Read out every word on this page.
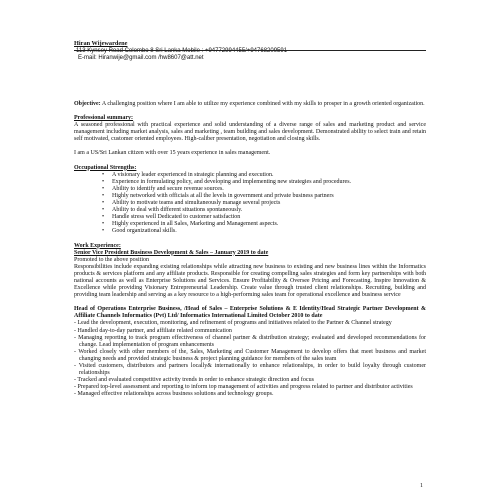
Hiran Wijewardene
113 Kynsey Road Colombo 8 Sri Lanka Mobile : +94772994455/+94768209591
E-mail: Hiranwije@gmail.com /hw8607@att.net
Objective: A challenging position where I am able to utilize my experience combined with my skills to prosper in a growth oriented organization.
Professional summary:
A seasoned professional with practical experience and solid understanding of a diverse range of sales and marketing product and service management including market analysis, sales and marketing , team building and sales development. Demonstrated ability to select train and retain self motivated, customer oriented employees. High-caliber presentation, negotiation and closing skills.
I am a US/Sri Lankan citizen with over 15 years experience in sales management.
Occupational Strengths:
• A visionary leader experienced in strategic planning and execution.
• Experience in formulating policy, and developing and implementing new strategies and procedures.
• Ability to identify and secure revenue sources.
• Highly networked with officials at all the levels in government and private business partners
• Ability to motivate teams and simultaneously manage several projects
• Ability to deal with different situations spontaneously.
• Handle stress well Dedicated to customer satisfaction
• Highly experienced in all Sales, Marketing and Management aspects.
• Good organizational skills.
Work Experience:
Senior Vice President Business Development & Sales – January 2019 to date
Promoted to the above position
Responsibilities include expanding existing relationships while attracting new business to existing and new business lines within the Informatics products & services platform and any affiliate products. Responsible for creating compelling sales strategies and form key partnerships with both national accounts as well as Enterprise Solutions and Services. Ensure Profitability & Oversee Pricing and Forecasting. Inspire Innovation & Excellence while providing Visionary Entrepreneurial Leadership. Create value through trusted client relationships. Recruiting, building and providing team leadership and serving as a key resource to a high-performing sales team for operational excellence and business service
Head of Operations Enterprise Business, /Head of Sales – Enterprise Solutions & E Identity/Head Strategic Partner Development & Affiliate Channels Informatics (Pvt) Ltd/ Informatics International Limited October 2010 to date
- Lead the development, execution, monitoring, and refinement of programs and initiatives related to the Partner & Channel strategy
- Handled day-to-day partner, and affiliate related communication
- Managing reporting to track program effectiveness of channel partner & distribution strategy; evaluated and developed recommendations for change. Lead implementation of program enhancements
- Worked closely with other members of the, Sales, Marketing and Customer Management to develop offers that meet business and market changing needs and provided strategic business & project planning guidance for members of the sales team
- Visited customers, distributors and partners locally& internationally to enhance relationships, in order to build loyalty through customer relationships
- Tracked and evaluated competitive activity trends in order to enhance strategic direction and focus
- Prepared top-level assessment and reporting to inform top management of activities and progress related to partner and distributor activities
- Managed effective relationships across business solutions and technology groups.
1
